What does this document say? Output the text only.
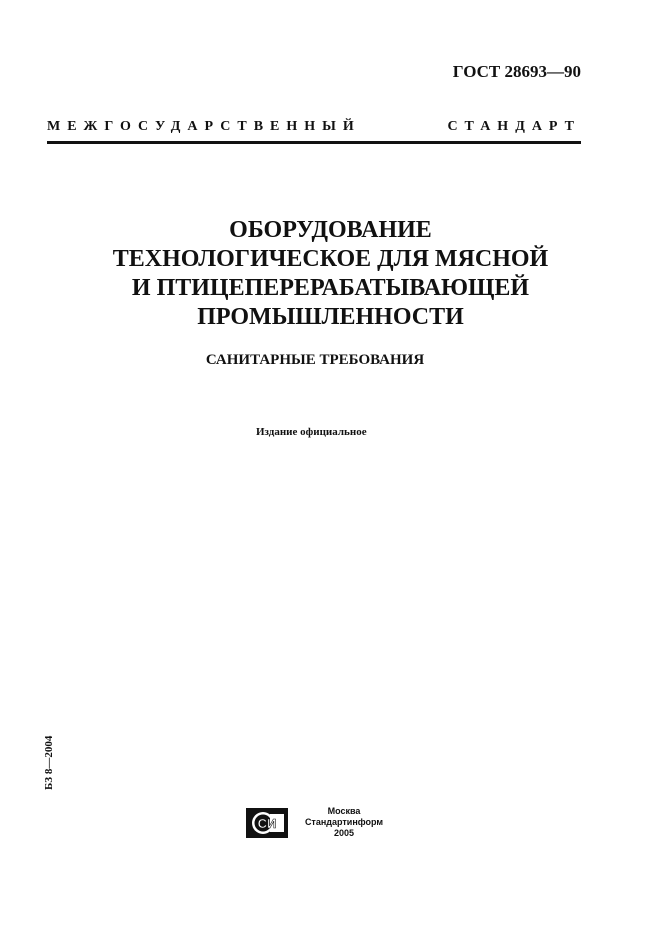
ГОСТ 28693—90
МЕЖГОСУДАРСТВЕННЫЙ	СТАНДАРТ
ОБОРУДОВАНИЕ
ТЕХНОЛОГИЧЕСКОЕ ДЛЯ МЯСНОЙ
И ПТИЦЕПЕРЕРАБАТЫВАЮЩЕЙ
ПРОМЫШЛЕННОСТИ
САНИТАРНЫЕ ТРЕБОВАНИЯ
Издание официальное
БЗ 8—2004
СИ
Москва
Стандартинформ
2005
